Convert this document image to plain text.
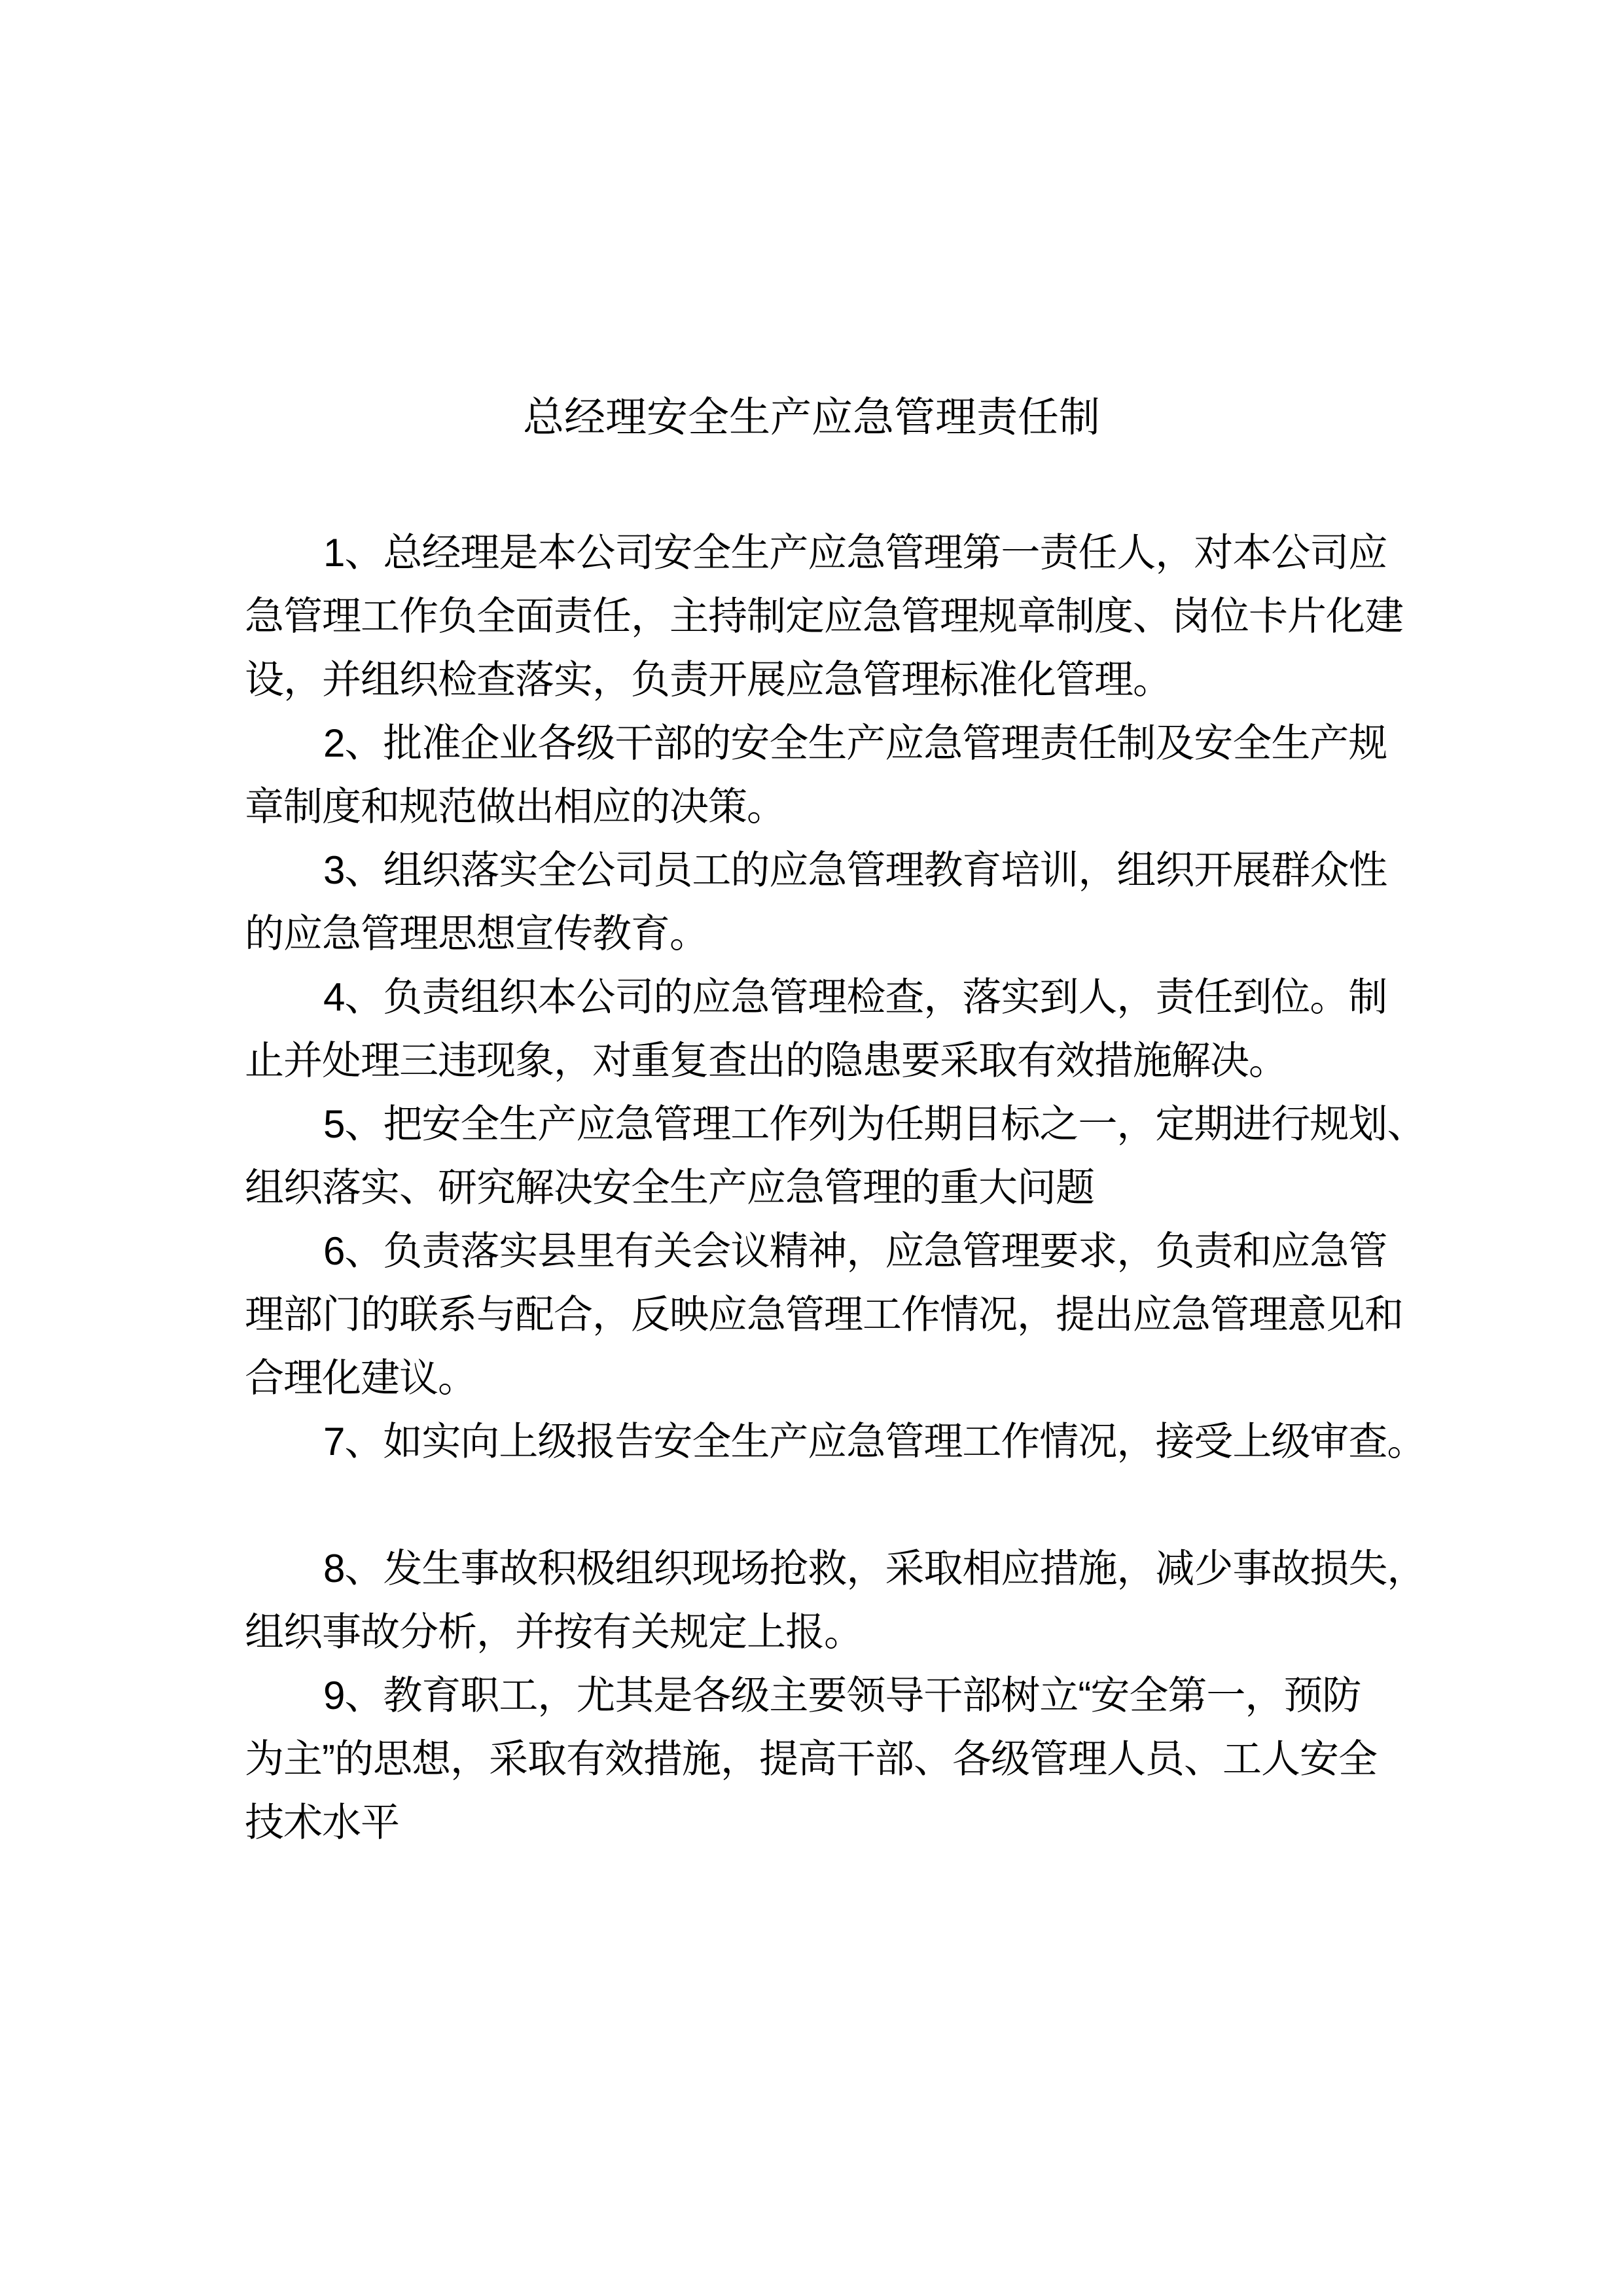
总经理安全生产应急管理责任制
1、总经理是本公司安全生产应急管理第一责任人，对本公司应
急管理工作负全面责任，主持制定应急管理规章制度、岗位卡片化建
设，并组织检查落实，负责开展应急管理标准化管理。
2、批准企业各级干部的安全生产应急管理责任制及安全生产规
章制度和规范做出相应的决策。
3、组织落实全公司员工的应急管理教育培训，组织开展群众性
的应急管理思想宣传教育。
4、负责组织本公司的应急管理检查，落实到人，责任到位。制
止并处理三违现象，对重复查出的隐患要采取有效措施解决。
5、把安全生产应急管理工作列为任期目标之一，定期进行规划、
组织落实、研究解决安全生产应急管理的重大问题
6、负责落实县里有关会议精神，应急管理要求，负责和应急管
理部门的联系与配合，反映应急管理工作情况，提出应急管理意见和
合理化建议。
7、如实向上级报告安全生产应急管理工作情况，接受上级审查。
8、发生事故积极组织现场抢救，采取相应措施，减少事故损失，
组织事故分析，并按有关规定上报。
9、教育职工，尤其是各级主要领导干部树立“安全第一，预防
为主”的思想，采取有效措施，提高干部、各级管理人员、工人安全
技术水平
